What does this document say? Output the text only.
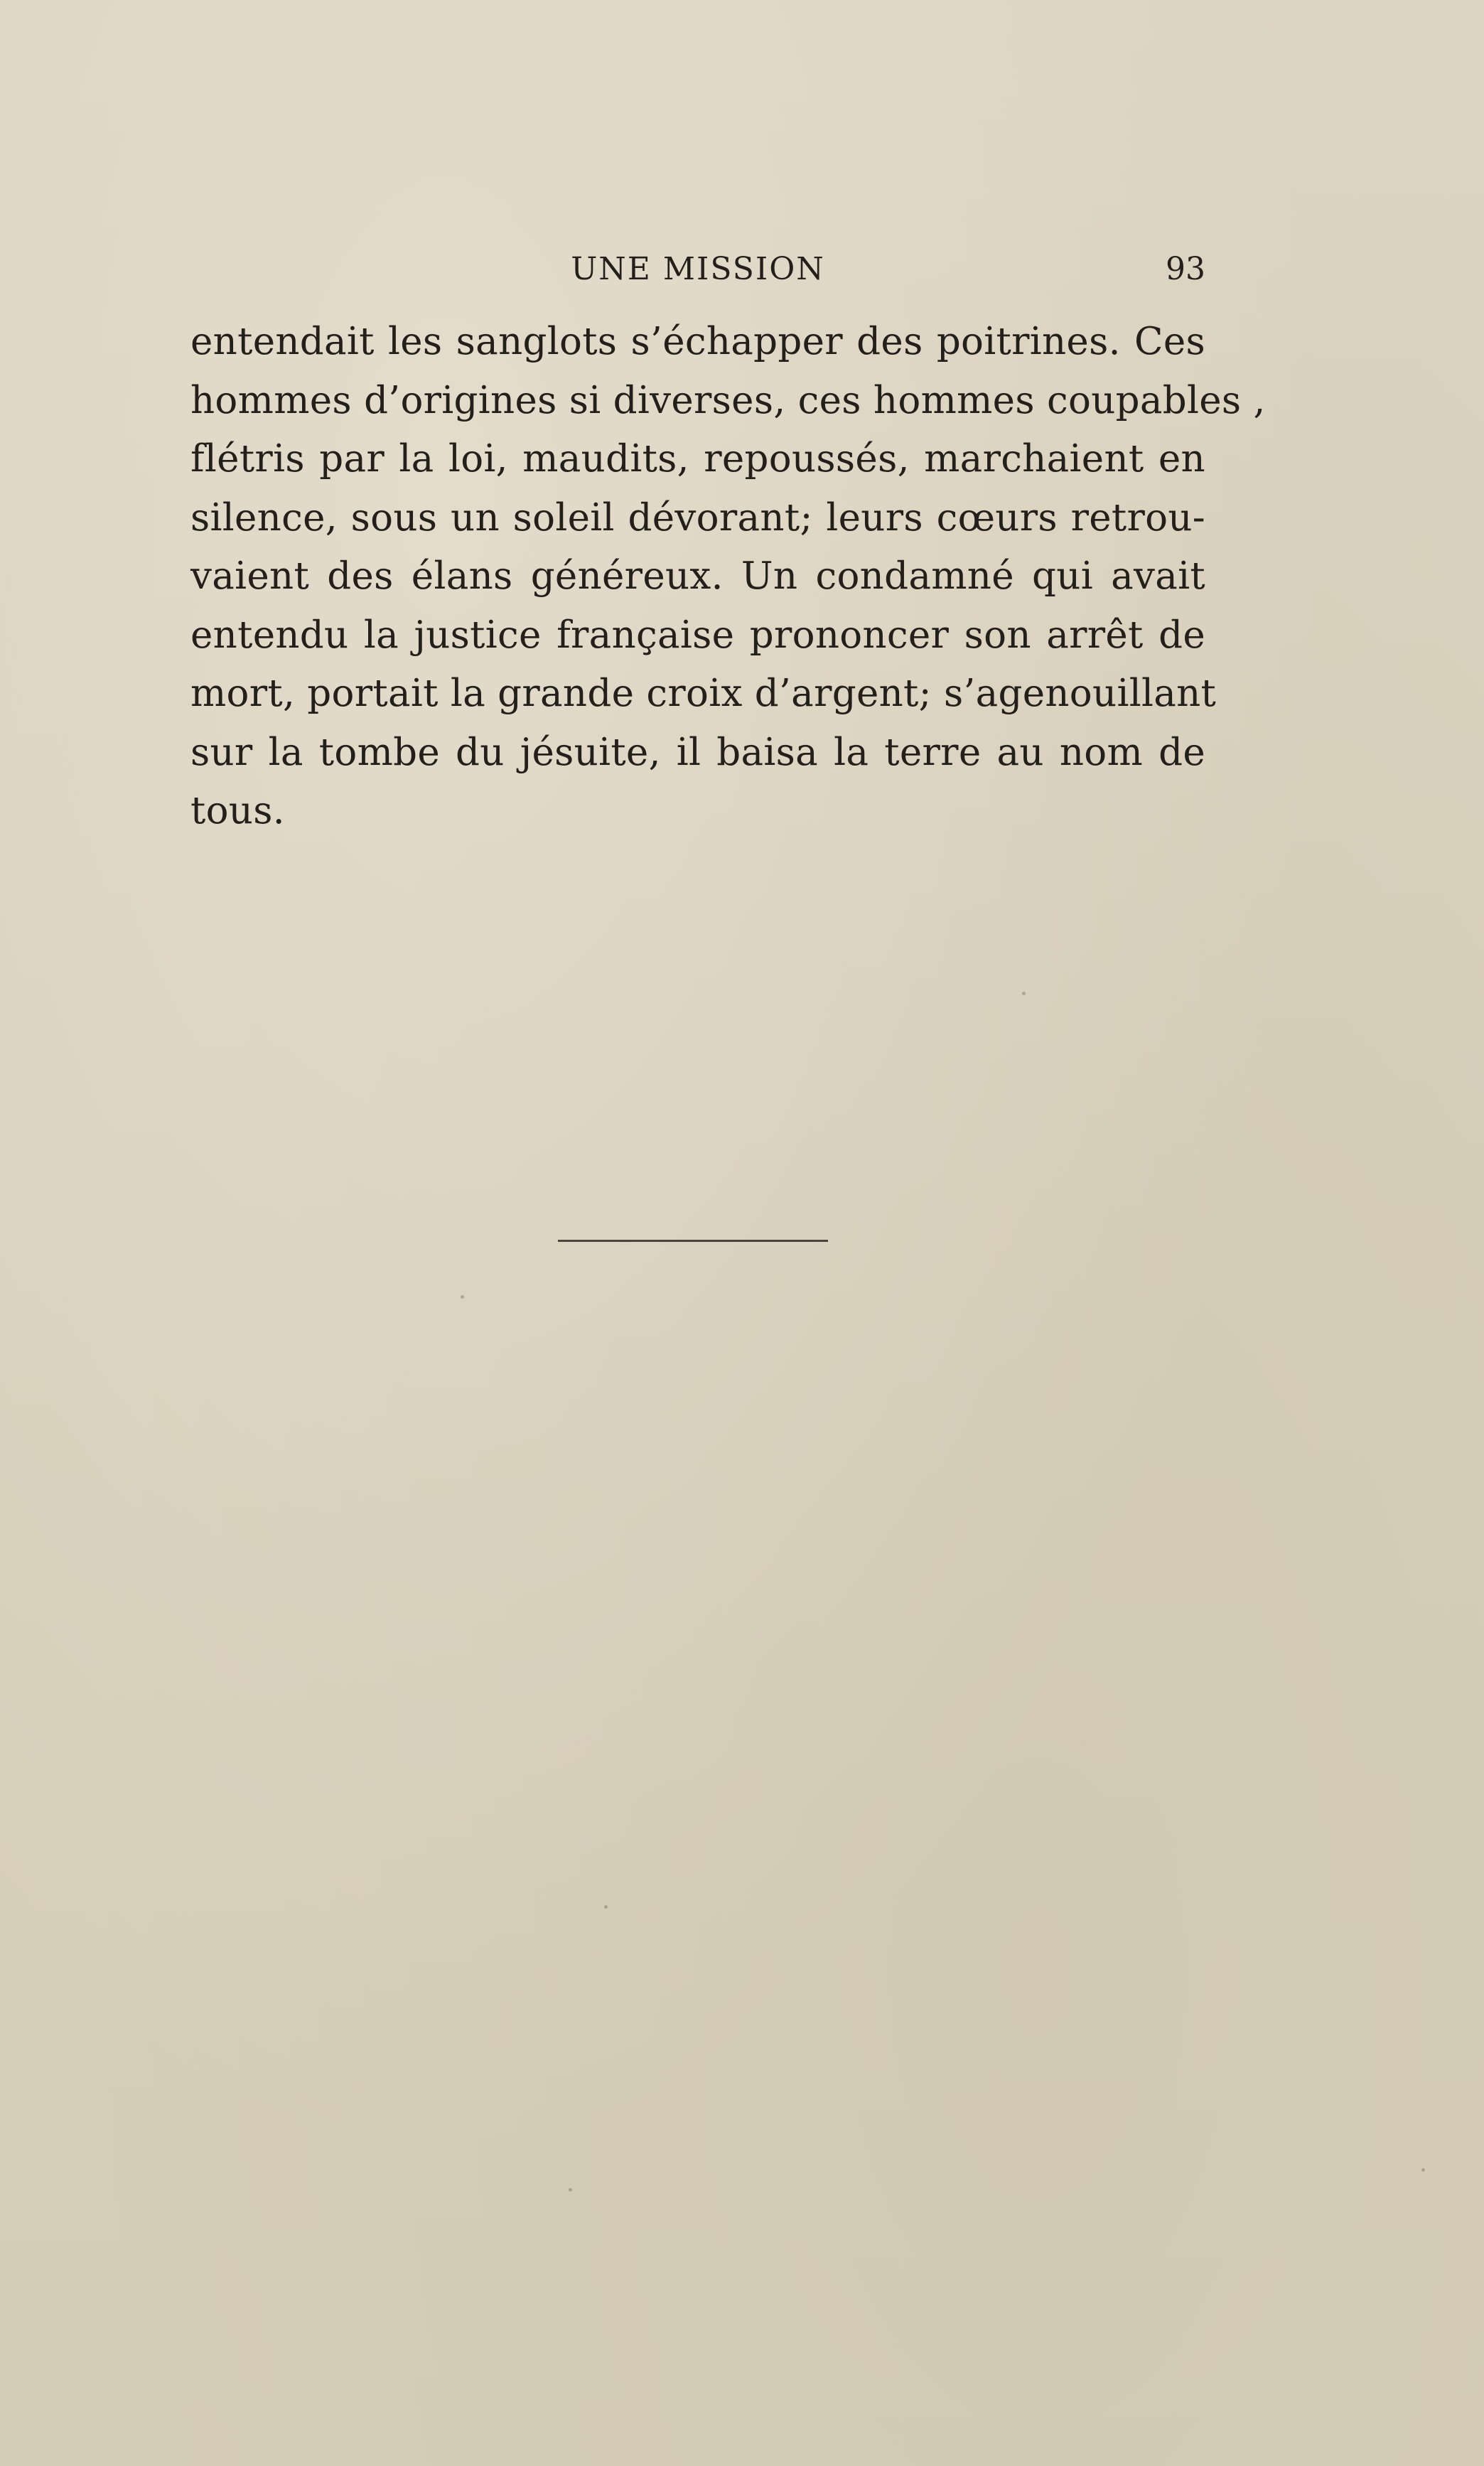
UNE MISSION	93
entendait les sanglots s’échapper des poitrines. Ces
hommes d’origines si diverses, ces hommes coupables ,
flétris par la loi, maudits, repoussés, marchaient en
silence, sous un soleil dévorant; leurs cœurs retrou-
vaient des élans généreux. Un condamné qui avait
entendu la justice française prononcer son arrêt de
mort, portait la grande croix d’argent; s’agenouillant
sur la tombe du jésuite, il baisa la terre au nom de
tous.
